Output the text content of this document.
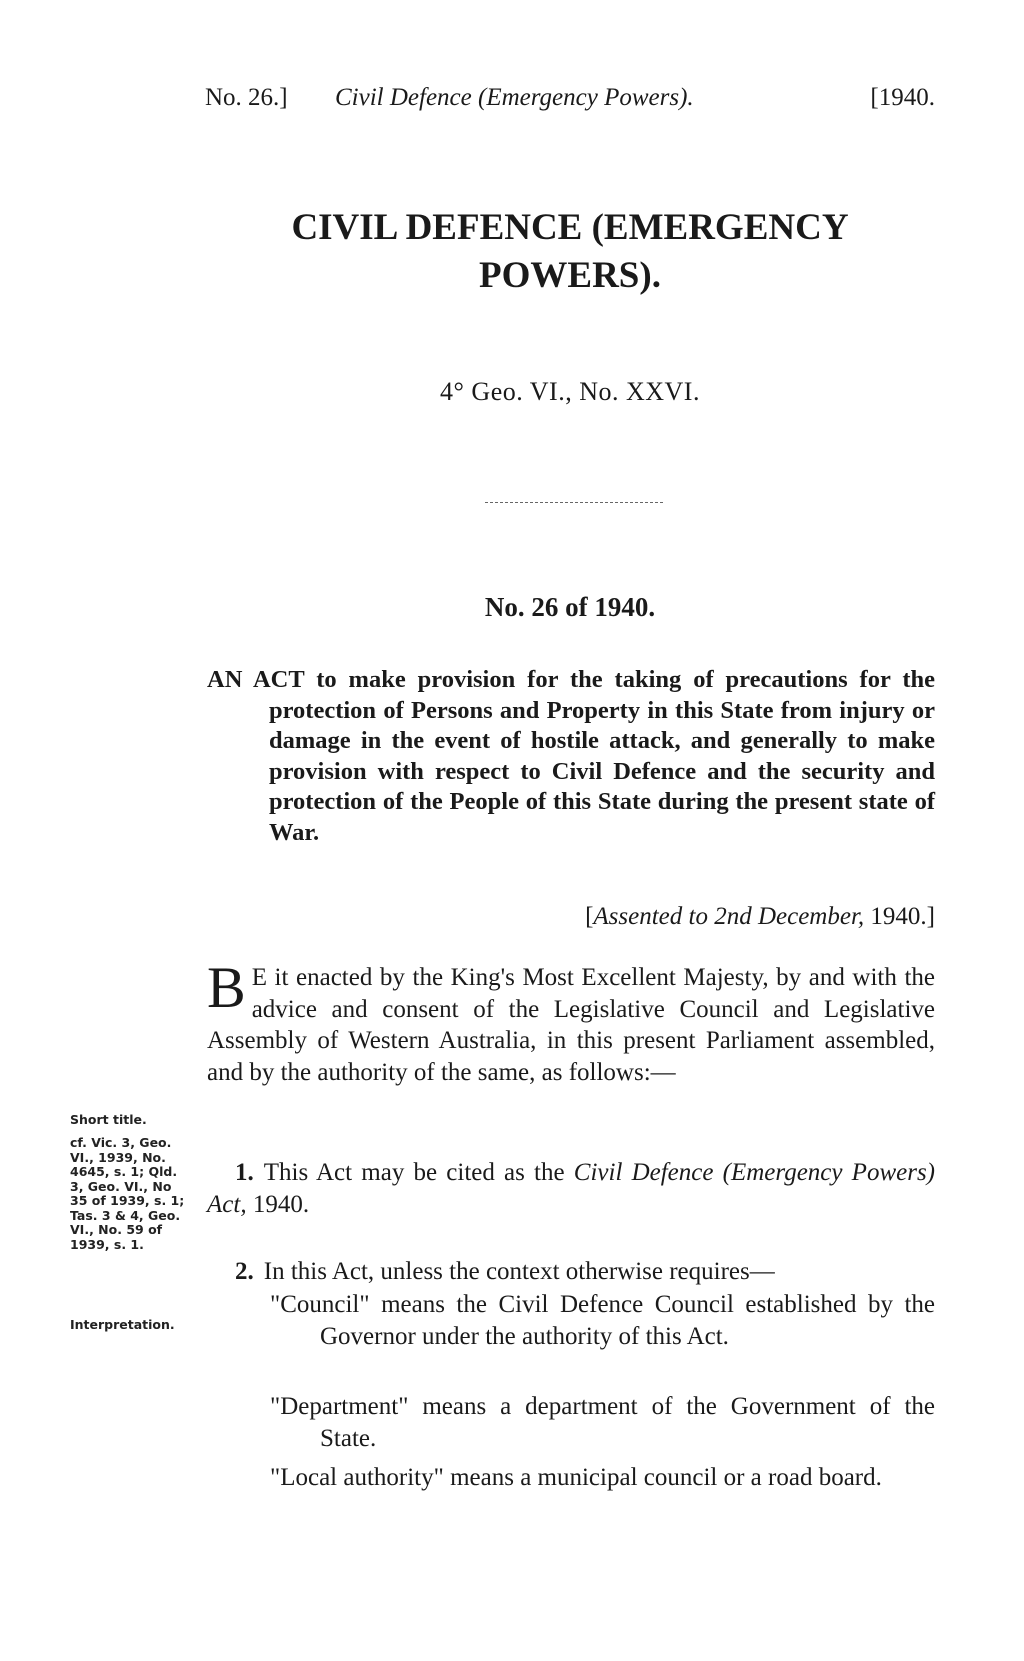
No. 26.] Civil Defence (Emergency Powers).	[1940.
CIVIL DEFENCE (EMERGENCY
POWERS).
4° Geo. VI., No. XXVI.
No. 26 of 1940.
AN ACT to make provision for the taking of precautions for the protection of Persons and Property in this State from injury or damage in the event of hostile attack, and generally to make provision with respect to Civil Defence and the security and protection of the People of this State during the present state of War.
[Assented to 2nd December, 1940.]
B E it enacted by the King's Most Excellent Majesty, by and with the advice and consent of the Legislative Council and Legislative Assembly of Western Australia, in this present Parliament assembled, and by the authority of the same, as follows:—
Short title.
cf. Vic. 3, Geo. VI., 1939, No. 4645, s. 1; Qld. 3, Geo. VI., No 35 of 1939, s. 1; Tas. 3 & 4, Geo. VI., No. 59 of 1939, s. 1.
Interpretation.
1. This Act may be cited as the Civil Defence (Emergency Powers) Act, 1940.
2. In this Act, unless the context otherwise requires—
"Council" means the Civil Defence Council established by the Governor under the authority of this Act.
"Department" means a department of the Government of the State.
"Local authority" means a municipal council or a road board.
